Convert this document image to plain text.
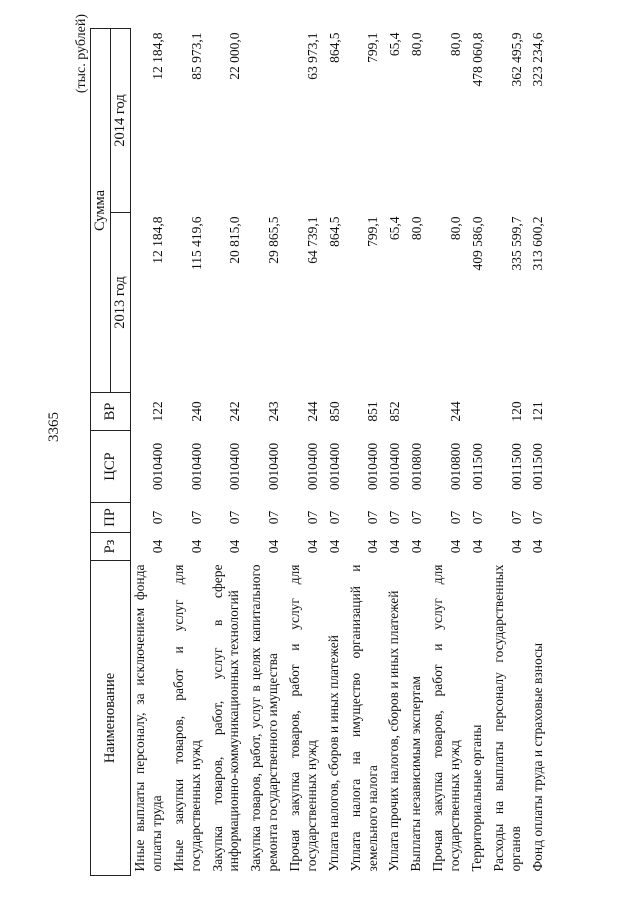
3365
(тыс. рублей)
Наименование	Рз	ПР	ЦСР	ВР	Сумма	
					2013 год	2014 год
Иные выплаты персоналу, за исключением фонда оплаты труда	04	07	0010400	122	12 184,8	12 184,8
Иные закупки товаров, работ и услуг для государственных нужд	04	07	0010400	240	115 419,6	85 973,1
Закупка товаров, работ, услуг в сфере информационно-коммуникационных технологий	04	07	0010400	242	20 815,0	22 000,0
Закупка товаров, работ, услуг в целях капитального ремонта государственного имущества	04	07	0010400	243	29 865,5	
Прочая закупка товаров, работ и услуг для государственных нужд	04	07	0010400	244	64 739,1	63 973,1
Уплата налогов, сборов и иных платежей	04	07	0010400	850	864,5	864,5
Уплата налога на имущество организаций и земельного налога	04	07	0010400	851	799,1	799,1
Уплата прочих налогов, сборов и иных платежей	04	07	0010400	852	65,4	65,4
Выплаты независимым экспертам	04	07	0010800		80,0	80,0
Прочая закупка товаров, работ и услуг для государственных нужд	04	07	0010800	244	80,0	80,0
Территориальные органы	04	07	0011500		409 586,0	478 060,8
Расходы на выплаты персоналу государственных органов	04	07	0011500	120	335 599,7	362 495,9
Фонд оплаты труда и страховые взносы	04	07	0011500	121	313 600,2	323 234,6
